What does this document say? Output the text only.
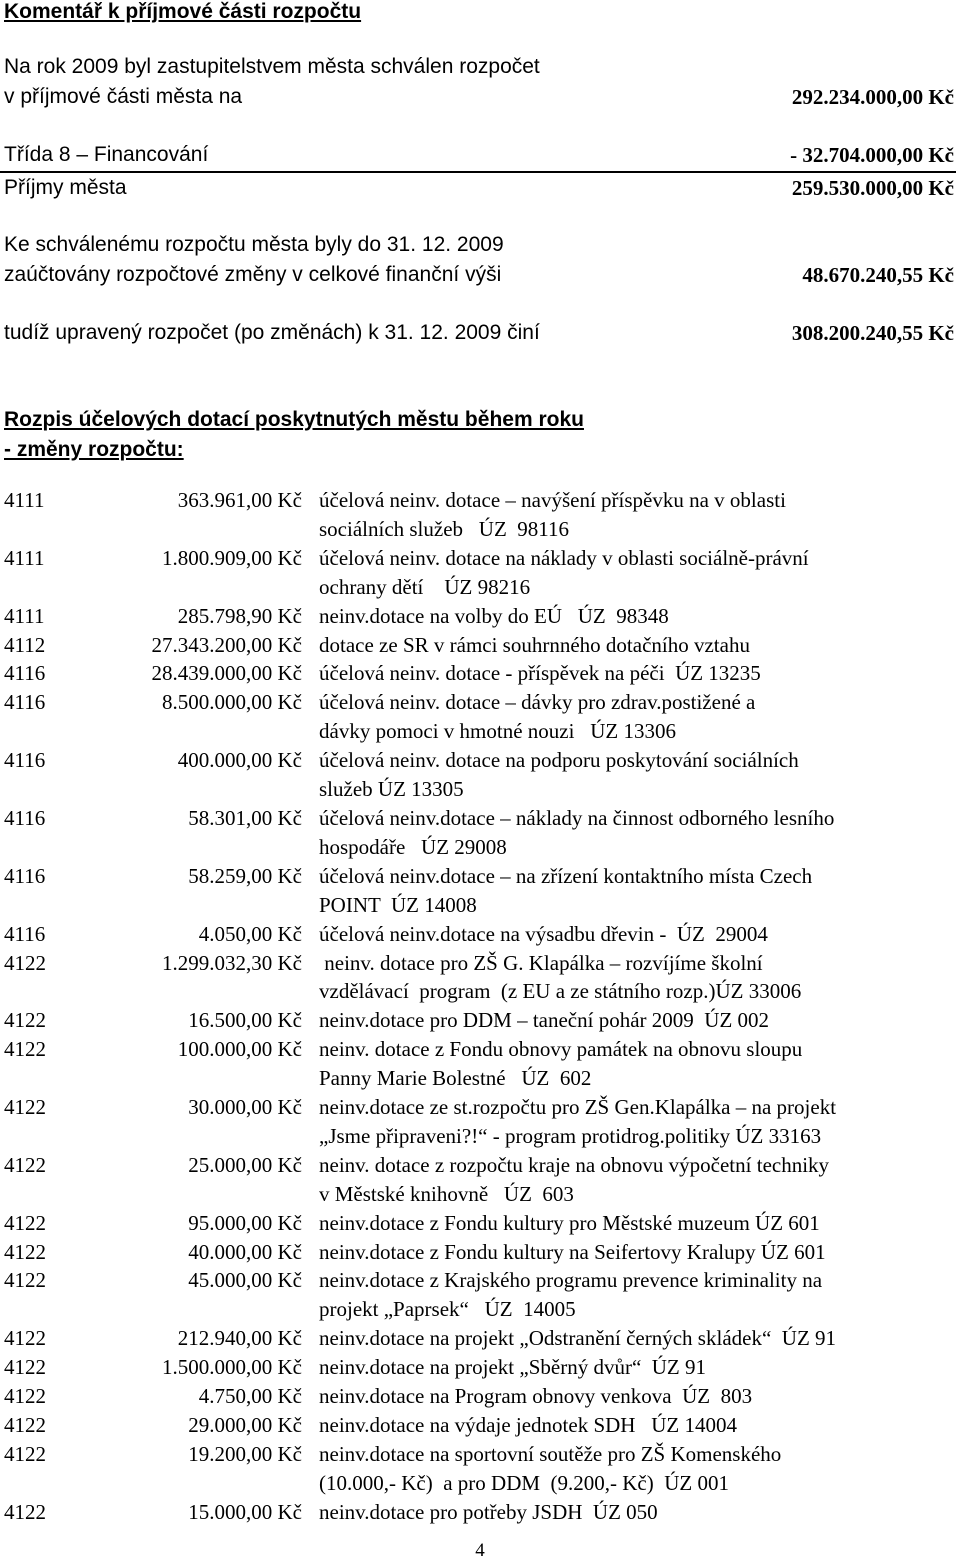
Komentář k příjmové části rozpočtu
Na rok 2009 byl zastupitelstvem města schválen rozpočet
v příjmové části města na	292.234.000,00 Kč
Třída 8 – Financování	- 32.704.000,00 Kč
Příjmy města	259.530.000,00 Kč
Ke schválenému rozpočtu města byly do 31. 12. 2009
zaúčtovány rozpočtové změny v celkové finanční výši	48.670.240,55 Kč
tudíž upravený rozpočet (po změnách) k 31. 12. 2009 činí	308.200.240,55 Kč
Rozpis účelových dotací poskytnutých městu během roku
- změny rozpočtu:
4111	363.961,00 Kč účelová neinv. dotace – navýšení příspěvku na v oblasti
sociálních služeb   ÚZ  98116
4111	1.800.909,00 Kč účelová neinv. dotace na náklady v oblasti sociálně-právní
ochrany dětí    ÚZ 98216
4111	285.798,90 Kč neinv.dotace na volby do EÚ   ÚZ  98348
4112	27.343.200,00 Kč dotace ze SR v rámci souhrnného dotačního vztahu
4116	28.439.000,00 Kč účelová neinv. dotace - příspěvek na péči  ÚZ 13235
4116	8.500.000,00 Kč účelová neinv. dotace – dávky pro zdrav.postižené a
dávky pomoci v hmotné nouzi   ÚZ 13306
4116	400.000,00 Kč účelová neinv. dotace na podporu poskytování sociálních
služeb ÚZ 13305
4116	58.301,00 Kč účelová neinv.dotace – náklady na činnost odborného lesního
hospodáře   ÚZ 29008
4116	58.259,00 Kč účelová neinv.dotace – na zřízení kontaktního místa Czech
POINT  ÚZ 14008
4116	4.050,00 Kč účelová neinv.dotace na výsadbu dřevin -  ÚZ  29004
4122	1.299.032,30 Kč neinv. dotace pro ZŠ G. Klapálka – rozvíjíme školní
vzdělávací  program  (z EU a ze státního rozp.)ÚZ 33006
4122	16.500,00 Kč neinv.dotace pro DDM – taneční pohár 2009  ÚZ 002
4122	100.000,00 Kč neinv. dotace z Fondu obnovy památek na obnovu sloupu
Panny Marie Bolestné   ÚZ  602
4122	30.000,00 Kč neinv.dotace ze st.rozpočtu pro ZŠ Gen.Klapálka – na projekt
„Jsme připraveni?!“ - program protidrog.politiky ÚZ 33163
4122	25.000,00 Kč neinv. dotace z rozpočtu kraje na obnovu výpočetní techniky
v Městské knihovně   ÚZ  603
4122	95.000,00 Kč neinv.dotace z Fondu kultury pro Městské muzeum ÚZ 601
4122	40.000,00 Kč neinv.dotace z Fondu kultury na Seifertovy Kralupy ÚZ 601
4122	45.000,00 Kč neinv.dotace z Krajského programu prevence kriminality na
projekt „Paprsek“   ÚZ  14005
4122	212.940,00 Kč neinv.dotace na projekt „Odstranění černých skládek“  ÚZ 91
4122	1.500.000,00 Kč neinv.dotace na projekt „Sběrný dvůr“  ÚZ 91
4122	4.750,00 Kč neinv.dotace na Program obnovy venkova  ÚZ  803
4122	29.000,00 Kč neinv.dotace na výdaje jednotek SDH   ÚZ 14004
4122	19.200,00 Kč neinv.dotace na sportovní soutěže pro ZŠ Komenského
(10.000,- Kč)  a pro DDM  (9.200,- Kč)  ÚZ 001
4122	15.000,00 Kč neinv.dotace pro potřeby JSDH  ÚZ 050
4
